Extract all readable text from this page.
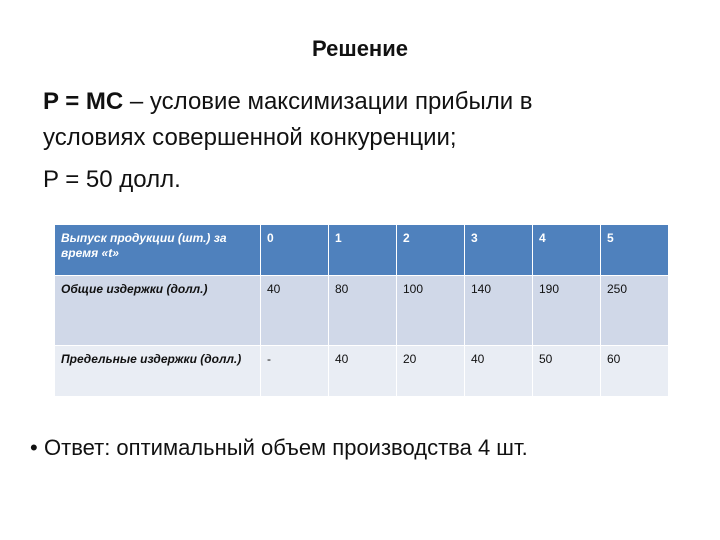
Решение
P = MC – условие максимизации прибыли в
условиях совершенной конкуренции;
P = 50 долл.
Выпуск продукции (шт.) за время «t»	0	1	2	3	4	5
Общие издержки (долл.)	40	80	100	140	190	250
Предельные издержки (долл.)	-	40	20	40	50	60
• Ответ: оптимальный объем производства 4 шт.
